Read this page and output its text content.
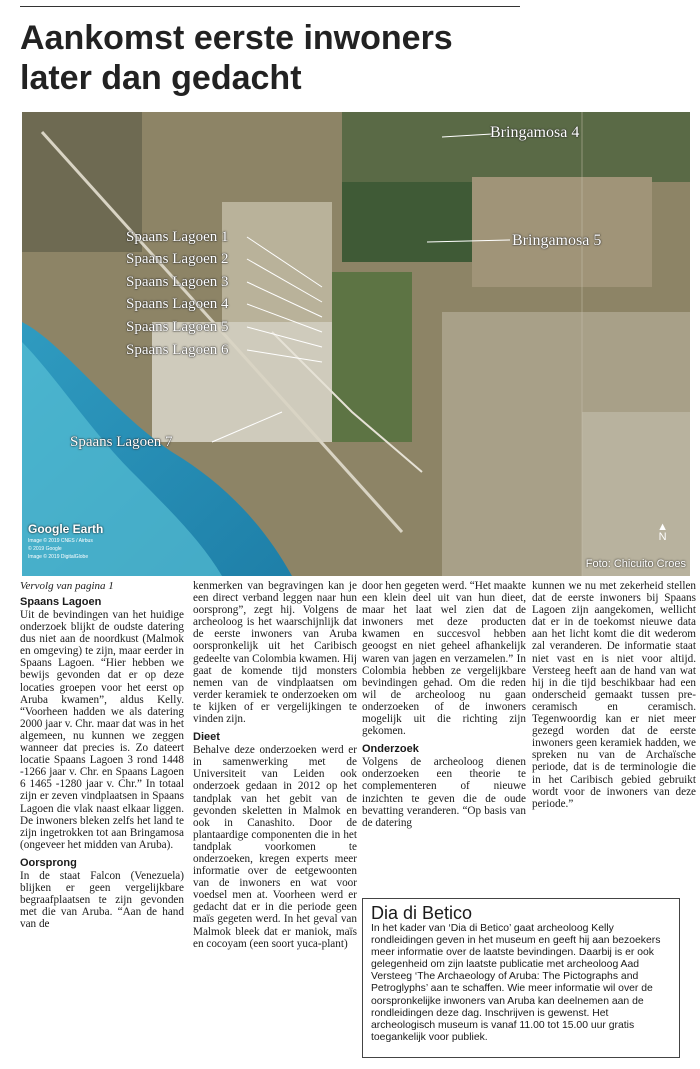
Aankomst eerste inwoners
later dan gedacht
Bringamosa 4
Bringamosa 5
Spaans Lagoen 1
Spaans Lagoen 2
Spaans Lagoen 3
Spaans Lagoen 4
Spaans Lagoen 5
Spaans Lagoen 6
Spaans Lagoen 7
Google Earth
Image © 2019 CNES / Airbus
© 2019 Google
Image © 2019 DigitalGlobe
▲
N
Foto: Chicuito Croes
Vervolg van pagina 1
Spaans Lagoen

Uit de bevindingen van het huidige onderzoek blijkt de oudste datering dus niet aan de noordkust (Malmok en omgeving) te zijn, maar eerder in Spaans Lagoen. “Hier hebben we bewijs gevonden dat er op deze locaties groepen voor het eerst op Aruba kwamen”, aldus Kelly. “Voorheen hadden we als datering 2000 jaar v. Chr. maar dat was in het algemeen, nu kunnen we zeggen wanneer dat precies is. Zo dateert locatie Spaans Lagoen 3 rond 1448 -1266 jaar v. Chr. en Spaans Lagoen 6 1465 -1280 jaar v. Chr.” In totaal zijn er zeven vindplaatsen in Spaans Lagoen die vlak naast elkaar liggen. De inwoners bleken zelfs het land te zijn ingetrokken tot aan Bringamosa (ongeveer het midden van Aruba).

Oorsprong

In de staat Falcon (Venezuela) blijken er geen vergelijkbare begraafplaatsen te zijn gevonden met die van Aruba. “Aan de hand van de

kenmerken van begravingen kan je een direct verband leggen naar hun oorsprong”, zegt hij. Volgens de archeoloog is het waarschijnlijk dat de eerste inwoners van Aruba oorspronkelijk uit het Caribisch gedeelte van Colombia kwamen. Hij gaat de komende tijd monsters nemen van de vindplaatsen om verder keramiek te onderzoeken om te kijken of er vergelijkingen te vinden zijn.

Dieet

Behalve deze onderzoeken werd er in samenwerking met de Universiteit van Leiden ook onderzoek gedaan in 2012 op het tandplak van het gebit van de gevonden skeletten in Malmok en ook in Canashito. Door de plantaardige componenten die in het tandplak voorkomen te onderzoeken, kregen experts meer informatie over de eetgewoonten van de inwoners en wat voor voedsel men at. Voorheen werd er gedacht dat er in die periode geen maïs gegeten werd. In het geval van Malmok bleek dat er maniok, maïs en cocoyam (een soort yuca-plant)

door hen gegeten werd. “Het maakte een klein deel uit van hun dieet, maar het laat wel zien dat de inwoners met deze producten kwamen en succesvol hebben geoogst en niet geheel afhankelijk waren van jagen en verzamelen.” In Colombia hebben ze vergelijkbare bevindingen gehad. Om die reden wil de archeoloog nu gaan onderzoeken of de inwoners mogelijk uit die richting zijn gekomen.

Onderzoek

Volgens de archeoloog dienen onderzoeken een theorie te complementeren of nieuwe inzichten te geven die de oude bevatting veranderen. “Op basis van de datering

kunnen we nu met zekerheid stellen dat de eerste inwoners bij Spaans Lagoen zijn aangekomen, wellicht dat er in de toekomst nieuwe data aan het licht komt die dit wederom zal veranderen. De informatie staat niet vast en is niet voor altijd. Versteeg heeft aan de hand van wat hij in die tijd beschikbaar had een onderscheid gemaakt tussen pre-ceramisch en ceramisch. Tegenwoordig kan er niet meer gezegd worden dat de eerste inwoners geen keramiek hadden, we spreken nu van de Archaïsche periode, dat is de terminologie die in het Caribisch gebied gebruikt wordt voor de inwoners van deze periode.”

Dia di Betico

In het kader van ‘Dia di Betico’ gaat archeoloog Kelly rondleidingen geven in het museum en geeft hij aan bezoekers meer informatie over de laatste bevindingen. Daarbij is er ook gelegenheid om zijn laatste publicatie met archeoloog Aad Versteeg ‘The Archaeology of Aruba: The Pictographs and Petroglyphs’ aan te schaffen. Wie meer informatie wil over de oorspronkelijke inwoners van Aruba kan deelnemen aan de rondleidingen deze dag. Inschrijven is gewenst. Het archeologisch museum is vanaf 11.00 tot 15.00 uur gratis toegankelijk voor publiek.
